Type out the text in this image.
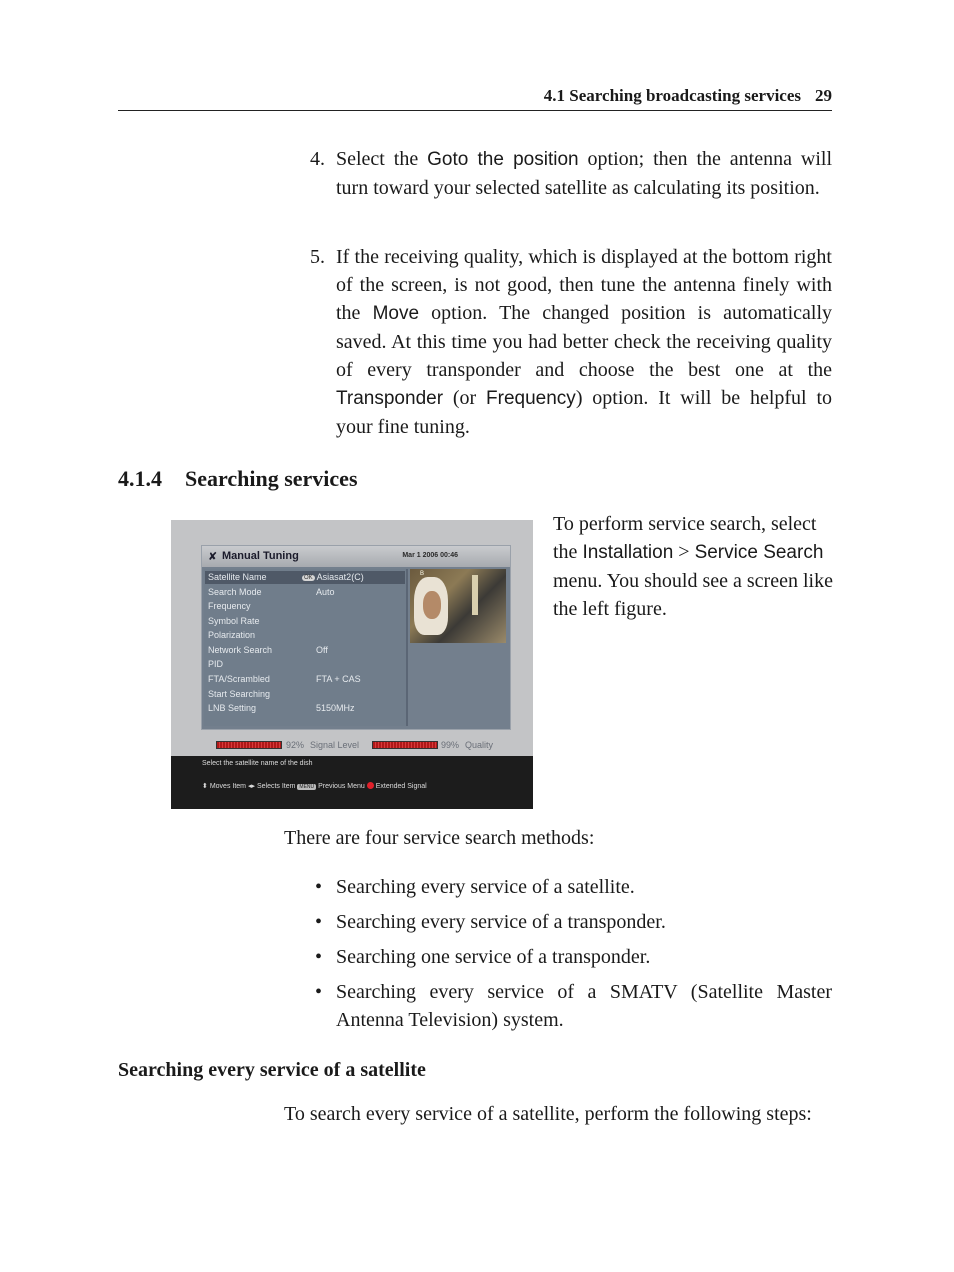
4.1 Searching broadcasting services 29
4. Select the Goto the position option; then the antenna will turn toward your selected satellite as calculating its position.
5. If the receiving quality, which is displayed at the bottom right of the screen, is not good, then tune the antenna finely with the Move option. The changed position is automatically saved. At this time you had better check the receiving quality of every transponder and choose the best one at the Transponder (or Frequency) option. It will be helpful to your fine tuning.
4.1.4 Searching services
✘ Manual Tuning	Mar 1 2006 00:46
Satellite Name	OK Asiasat2(C)
Search Mode	Auto
Frequency
Symbol Rate
Polarization
Network Search	Off
PID
FTA/Scrambled	FTA + CAS
Start Searching
LNB Setting	5150MHz
B
92% Signal Level	99% Quality
Select the satellite name of the dish
⬍ Moves Item ◂▸ Selects Item MENU Previous Menu Extended Signal
To perform service search, select the Installation > Service Search menu. You should see a screen like the left figure.
There are four service search methods:
• Searching every service of a satellite.
• Searching every service of a transponder.
• Searching one service of a transponder.
• Searching every service of a SMATV (Satellite Master Antenna Television) system.
Searching every service of a satellite
To search every service of a satellite, perform the following steps:
